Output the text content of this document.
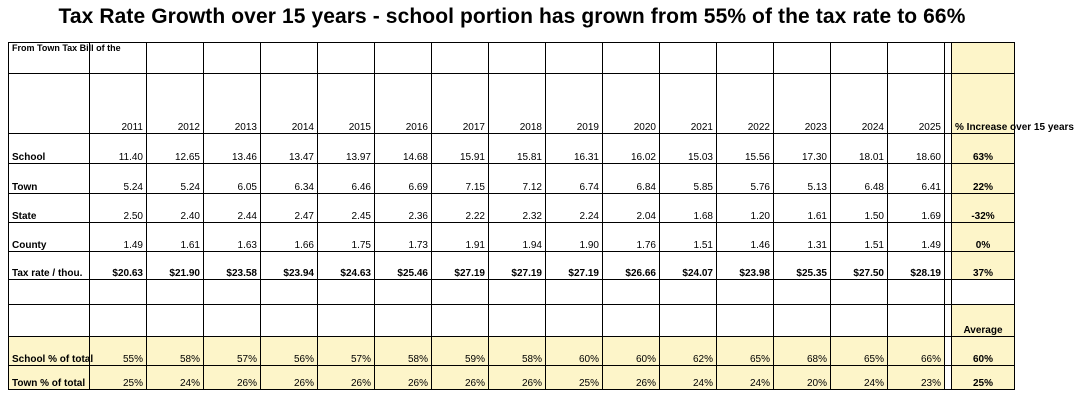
Tax Rate Growth over 15 years - school portion has grown from 55% of the tax rate to 66%
From Town Tax Bill of the																	
	2011	2012	2013	2014	2015	2016	2017	2018	2019	2020	2021	2022	2023	2024	2025		% Increase over 15 years
School	11.40	12.65	13.46	13.47	13.97	14.68	15.91	15.81	16.31	16.02	15.03	15.56	17.30	18.01	18.60		63%
Town	5.24	5.24	6.05	6.34	6.46	6.69	7.15	7.12	6.74	6.84	5.85	5.76	5.13	6.48	6.41		22%
State	2.50	2.40	2.44	2.47	2.45	2.36	2.22	2.32	2.24	2.04	1.68	1.20	1.61	1.50	1.69		-32%
County	1.49	1.61	1.63	1.66	1.75	1.73	1.91	1.94	1.90	1.76	1.51	1.46	1.31	1.51	1.49		0%
Tax rate / thou.	$20.63	$21.90	$23.58	$23.94	$24.63	$25.46	$27.19	$27.19	$27.19	$26.66	$24.07	$23.98	$25.35	$27.50	$28.19		37%

																	Average
School % of total	55%	58%	57%	56%	57%	58%	59%	58%	60%	60%	62%	65%	68%	65%	66%		60%
Town % of total	25%	24%	26%	26%	26%	26%	26%	26%	25%	26%	24%	24%	20%	24%	23%		25%
